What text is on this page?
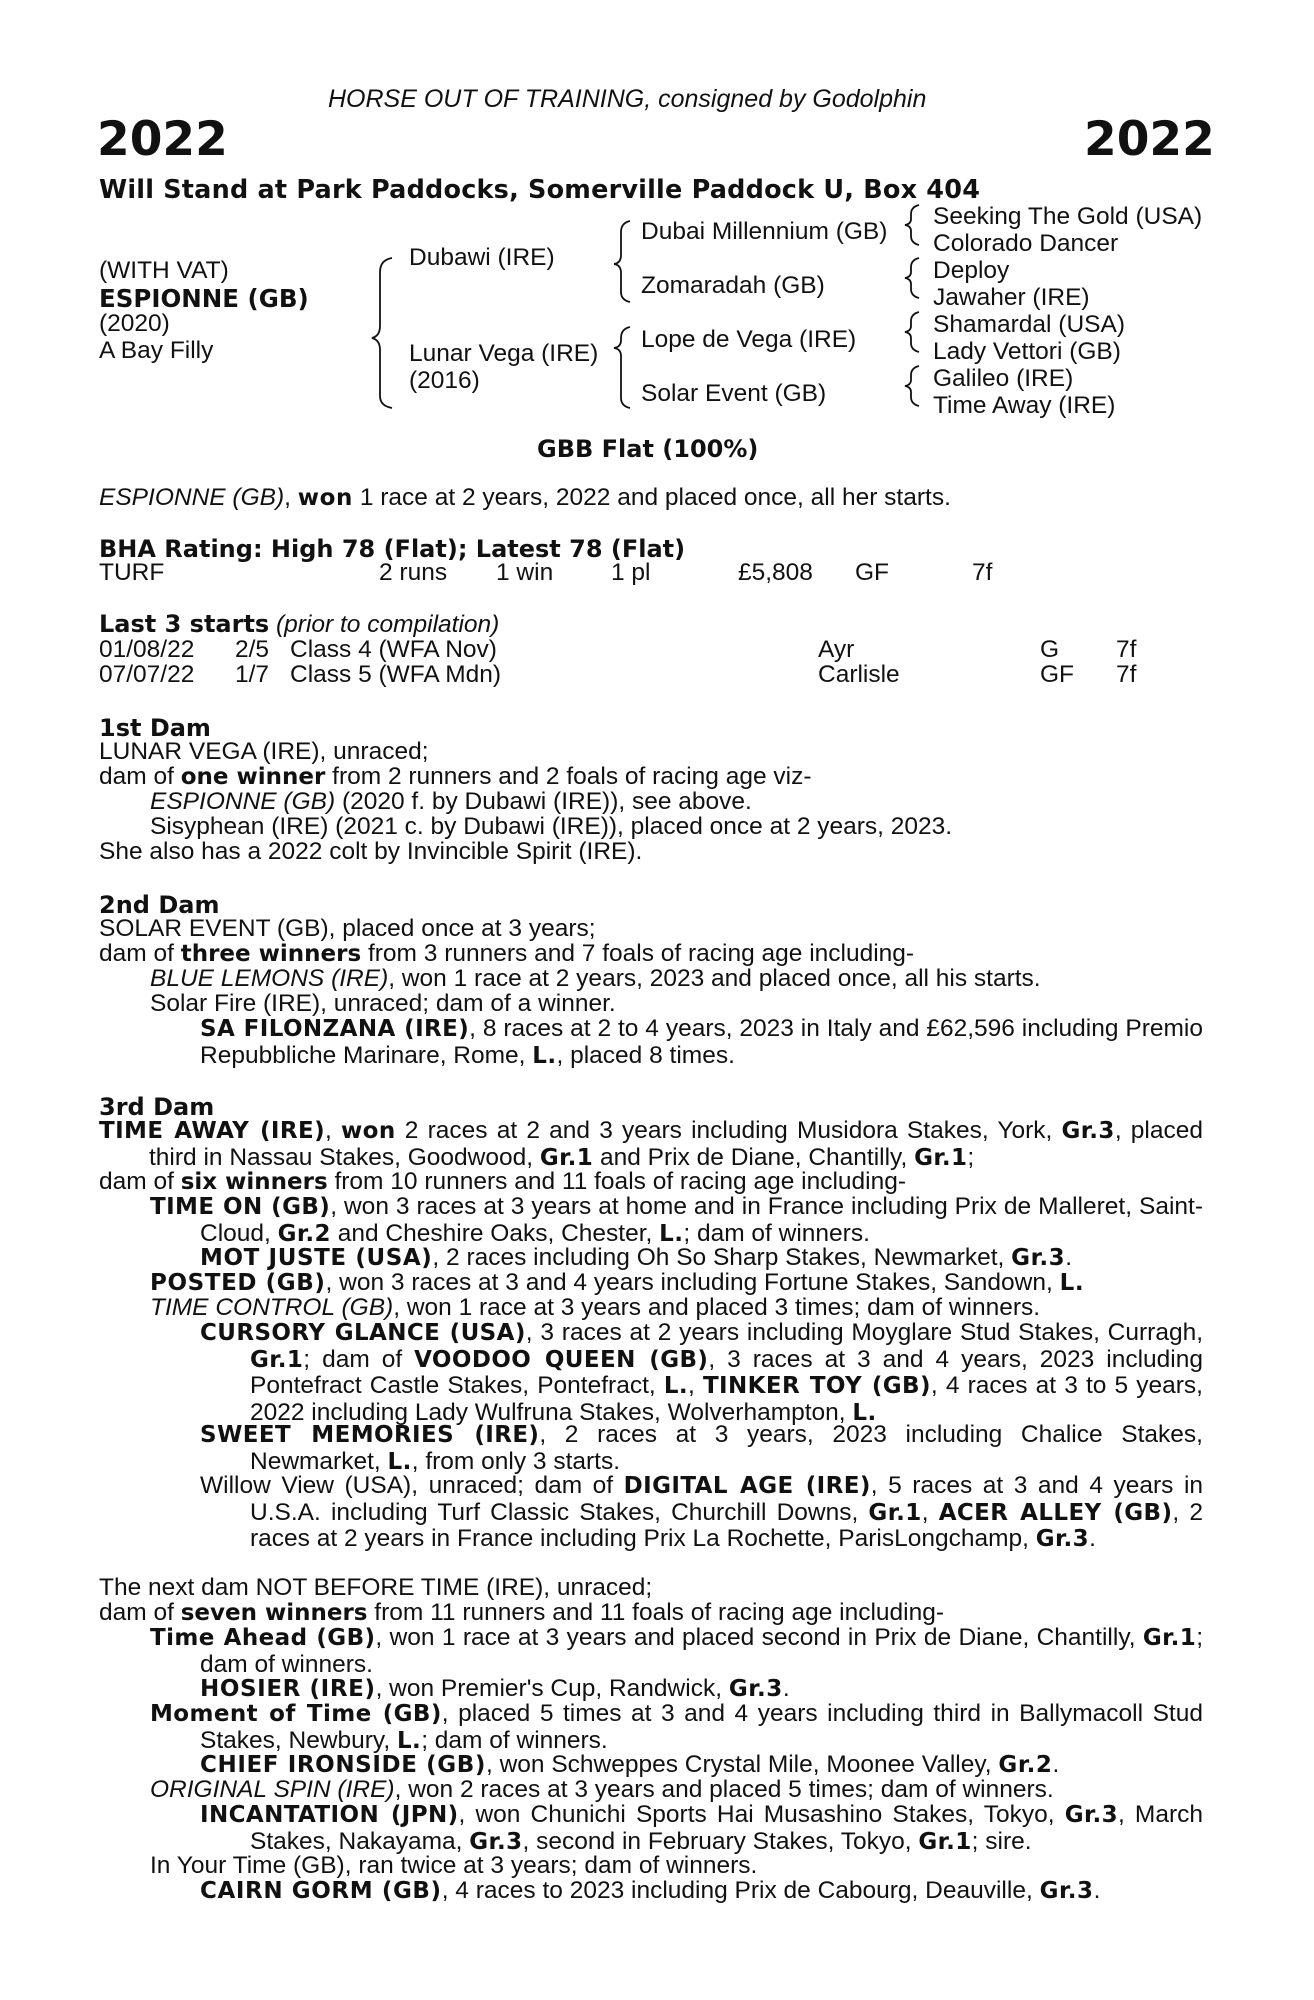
HORSE OUT OF TRAINING, consigned by Godolphin
2022	2022
Will Stand at Park Paddocks, Somerville Paddock U, Box 404
(WITH VAT)
ESPIONNE (GB)
(2020)
A Bay Filly
Dubawi (IRE)
Lunar Vega (IRE)
(2016)
Dubai Millennium (GB)
Zomaradah (GB)
Lope de Vega (IRE)
Solar Event (GB)
Seeking The Gold (USA)
Colorado Dancer
Deploy
Jawaher (IRE)
Shamardal (USA)
Lady Vettori (GB)
Galileo (IRE)
Time Away (IRE)
GBB Flat (100%)
ESPIONNE (GB), won 1 race at 2 years, 2022 and placed once, all her starts.
BHA Rating: High 78 (Flat); Latest 78 (Flat)
TURF	2 runs 1 win 1 pl	£5,808 GF	7f
Last 3 starts (prior to compilation)
01/08/22 2/5 Class 4 (WFA Nov)	Ayr	G 7f
07/07/22 1/7 Class 5 (WFA Mdn)	Carlisle	GF 7f
1st Dam
LUNAR VEGA (IRE), unraced;
dam of one winner from 2 runners and 2 foals of racing age viz-
ESPIONNE (GB) (2020 f. by Dubawi (IRE)), see above.
Sisyphean (IRE) (2021 c. by Dubawi (IRE)), placed once at 2 years, 2023.
She also has a 2022 colt by Invincible Spirit (IRE).
2nd Dam
SOLAR EVENT (GB), placed once at 3 years;
dam of three winners from 3 runners and 7 foals of racing age including-
BLUE LEMONS (IRE), won 1 race at 2 years, 2023 and placed once, all his starts.
Solar Fire (IRE), unraced; dam of a winner.
SA FILONZANA (IRE), 8 races at 2 to 4 years, 2023 in Italy and £62,596 including Premio Repubbliche Marinare, Rome, L., placed 8 times.
3rd Dam
TIME AWAY (IRE), won 2 races at 2 and 3 years including Musidora Stakes, York, Gr.3, placed third in Nassau Stakes, Goodwood, Gr.1 and Prix de Diane, Chantilly, Gr.1;
dam of six winners from 10 runners and 11 foals of racing age including-
TIME ON (GB), won 3 races at 3 years at home and in France including Prix de Malleret, Saint-Cloud, Gr.2 and Cheshire Oaks, Chester, L.; dam of winners.
MOT JUSTE (USA), 2 races including Oh So Sharp Stakes, Newmarket, Gr.3.
POSTED (GB), won 3 races at 3 and 4 years including Fortune Stakes, Sandown, L.
TIME CONTROL (GB), won 1 race at 3 years and placed 3 times; dam of winners.
CURSORY GLANCE (USA), 3 races at 2 years including Moyglare Stud Stakes, Curragh, Gr.1; dam of VOODOO QUEEN (GB), 3 races at 3 and 4 years, 2023 including Pontefract Castle Stakes, Pontefract, L., TINKER TOY (GB), 4 races at 3 to 5 years, 2022 including Lady Wulfruna Stakes, Wolverhampton, L.
SWEET MEMORIES (IRE), 2 races at 3 years, 2023 including Chalice Stakes, Newmarket, L., from only 3 starts.
Willow View (USA), unraced; dam of DIGITAL AGE (IRE), 5 races at 3 and 4 years in U.S.A. including Turf Classic Stakes, Churchill Downs, Gr.1, ACER ALLEY (GB), 2 races at 2 years in France including Prix La Rochette, ParisLongchamp, Gr.3.
The next dam NOT BEFORE TIME (IRE), unraced;
dam of seven winners from 11 runners and 11 foals of racing age including-
Time Ahead (GB), won 1 race at 3 years and placed second in Prix de Diane, Chantilly, Gr.1; dam of winners.
HOSIER (IRE), won Premier's Cup, Randwick, Gr.3.
Moment of Time (GB), placed 5 times at 3 and 4 years including third in Ballymacoll Stud Stakes, Newbury, L.; dam of winners.
CHIEF IRONSIDE (GB), won Schweppes Crystal Mile, Moonee Valley, Gr.2.
ORIGINAL SPIN (IRE), won 2 races at 3 years and placed 5 times; dam of winners.
INCANTATION (JPN), won Chunichi Sports Hai Musashino Stakes, Tokyo, Gr.3, March Stakes, Nakayama, Gr.3, second in February Stakes, Tokyo, Gr.1; sire.
In Your Time (GB), ran twice at 3 years; dam of winners.
CAIRN GORM (GB), 4 races to 2023 including Prix de Cabourg, Deauville, Gr.3.
